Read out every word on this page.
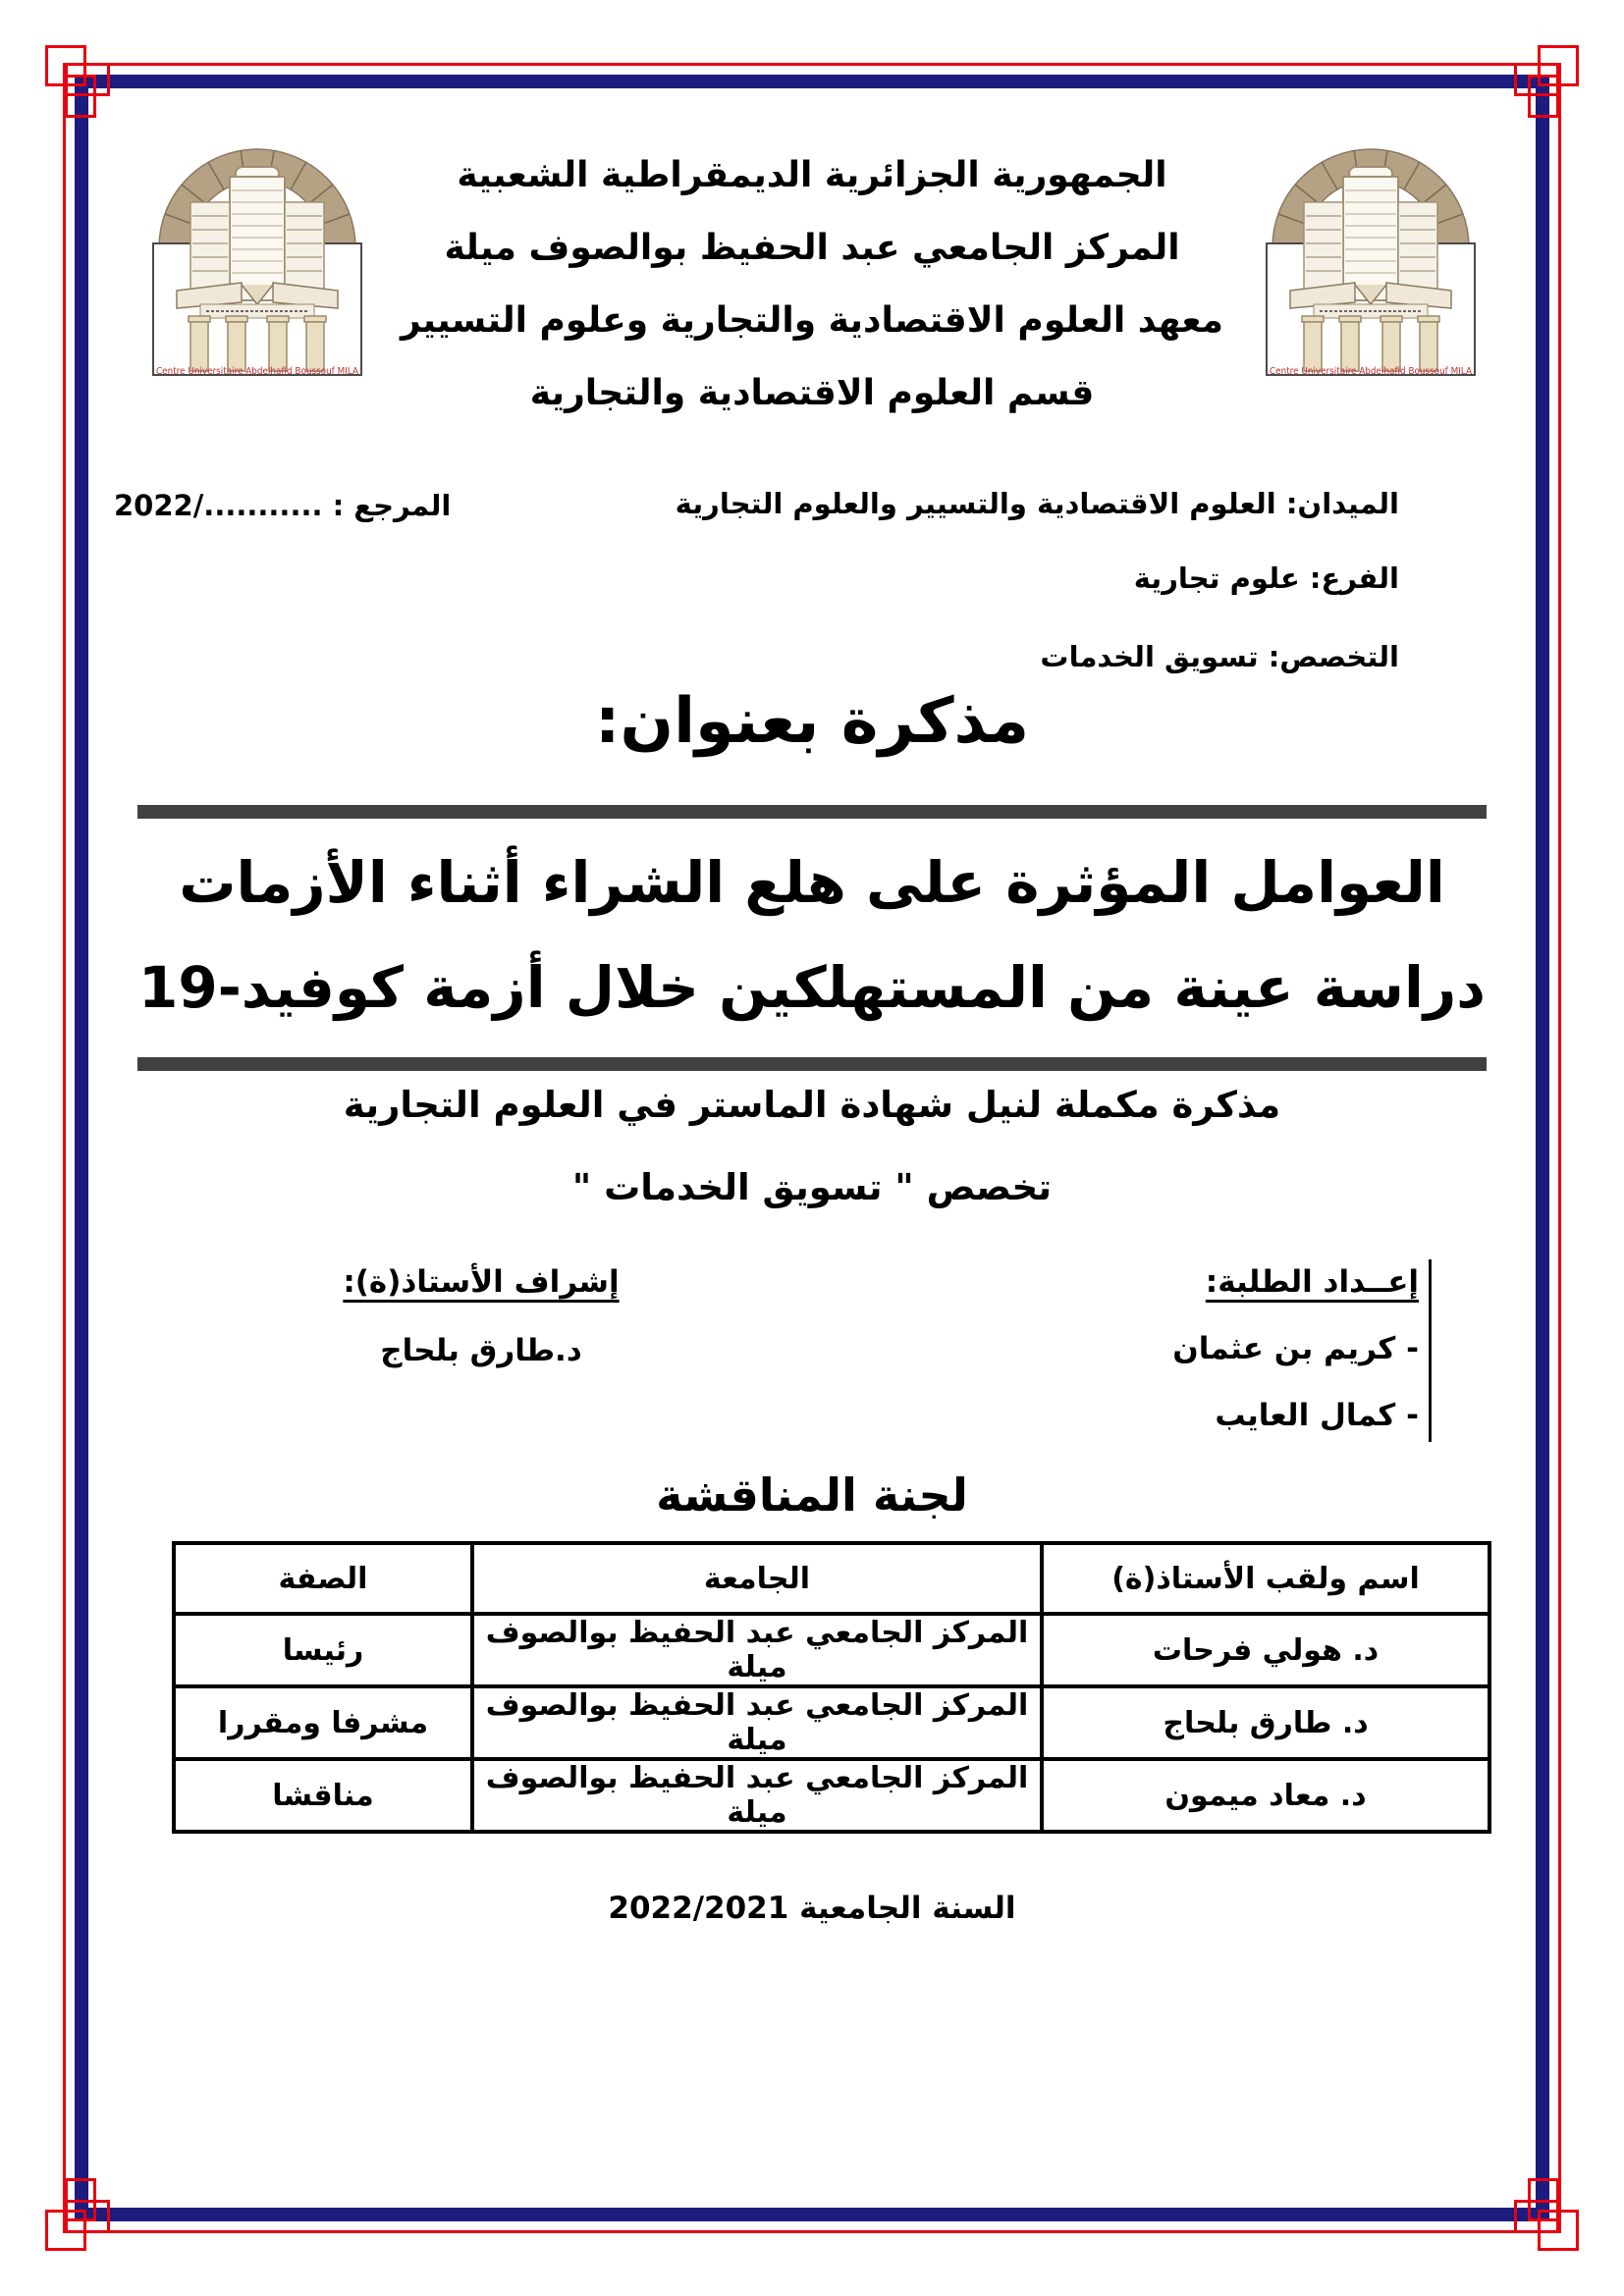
Centre Universitaire Abdelhafid Boussouf MILA	Centre Universitaire Abdelhafid Boussouf MILA
الجمهورية الجزائرية الديمقراطية الشعبية
المركز الجامعي عبد الحفيظ بوالصوف ميلة
معهد العلوم الاقتصادية والتجارية وعلوم التسيير
قسم العلوم الاقتصادية والتجارية
الميدان: العلوم الاقتصادية والتسيير والعلوم التجارية
المرجع : .........../2022
الفرع: علوم تجارية
التخصص: تسويق الخدمات
مذكرة بعنوان:
العوامل المؤثرة على هلع الشراء أثناء الأزمات
دراسة عينة من المستهلكين خلال أزمة كوفيد-19
مذكرة مكملة لنيل شهادة الماستر في العلوم التجارية
تخصص " تسويق الخدمات "
إعــداد الطلبة:
- كريم بن عثمان
- كمال العايب
إشراف الأستاذ(ة):
د.طارق بلحاج
لجنة المناقشة
اسم ولقب الأستاذ(ة)	الجامعة	الصفة
د. هولي فرحات	المركز الجامعي عبد الحفيظ بوالصوف ميلة	رئيسا
د. طارق بلحاج	المركز الجامعي عبد الحفيظ بوالصوف ميلة	مشرفا ومقررا
د. معاد ميمون	المركز الجامعي عبد الحفيظ بوالصوف ميلة	مناقشا
السنة الجامعية 2022/2021
